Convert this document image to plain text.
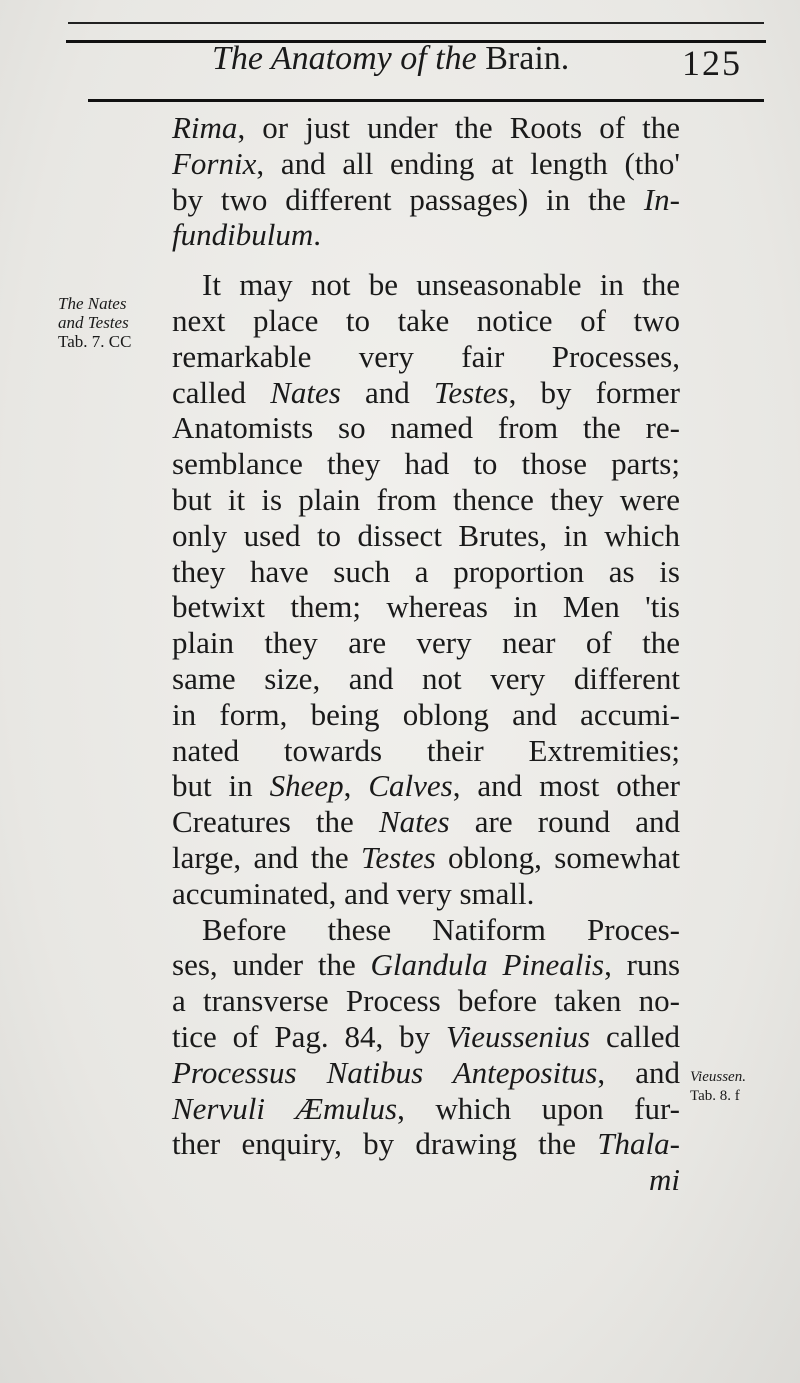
The Anatomy of the Brain.	125
The Nates
and Testes
Tab. 7. CC
Vieussen.
Tab. 8. f
Rima, or just under the Roots of the
Fornix, and all ending at length (tho'
by two different passages) in the In-
fundibulum.
It may not be unseasonable in the
next place to take notice of two
remarkable very fair Processes,
called Nates and Testes, by former
Anatomists so named from the re-
semblance they had to those parts;
but it is plain from thence they were
only used to dissect Brutes, in which
they have such a proportion as is
betwixt them; whereas in Men 'tis
plain they are very near of the
same size, and not very different
in form, being oblong and accumi-
nated towards their Extremities;
but in Sheep, Calves, and most other
Creatures the Nates are round and
large, and the Testes oblong, somewhat
accuminated, and very small.
Before these Natiform Proces-
ses, under the Glandula Pinealis, runs
a transverse Process before taken no-
tice of Pag. 84, by Vieussenius called
Processus Natibus Antepositus, and
Nervuli Æmulus, which upon fur-
ther enquiry, by drawing the Thala-
mi
